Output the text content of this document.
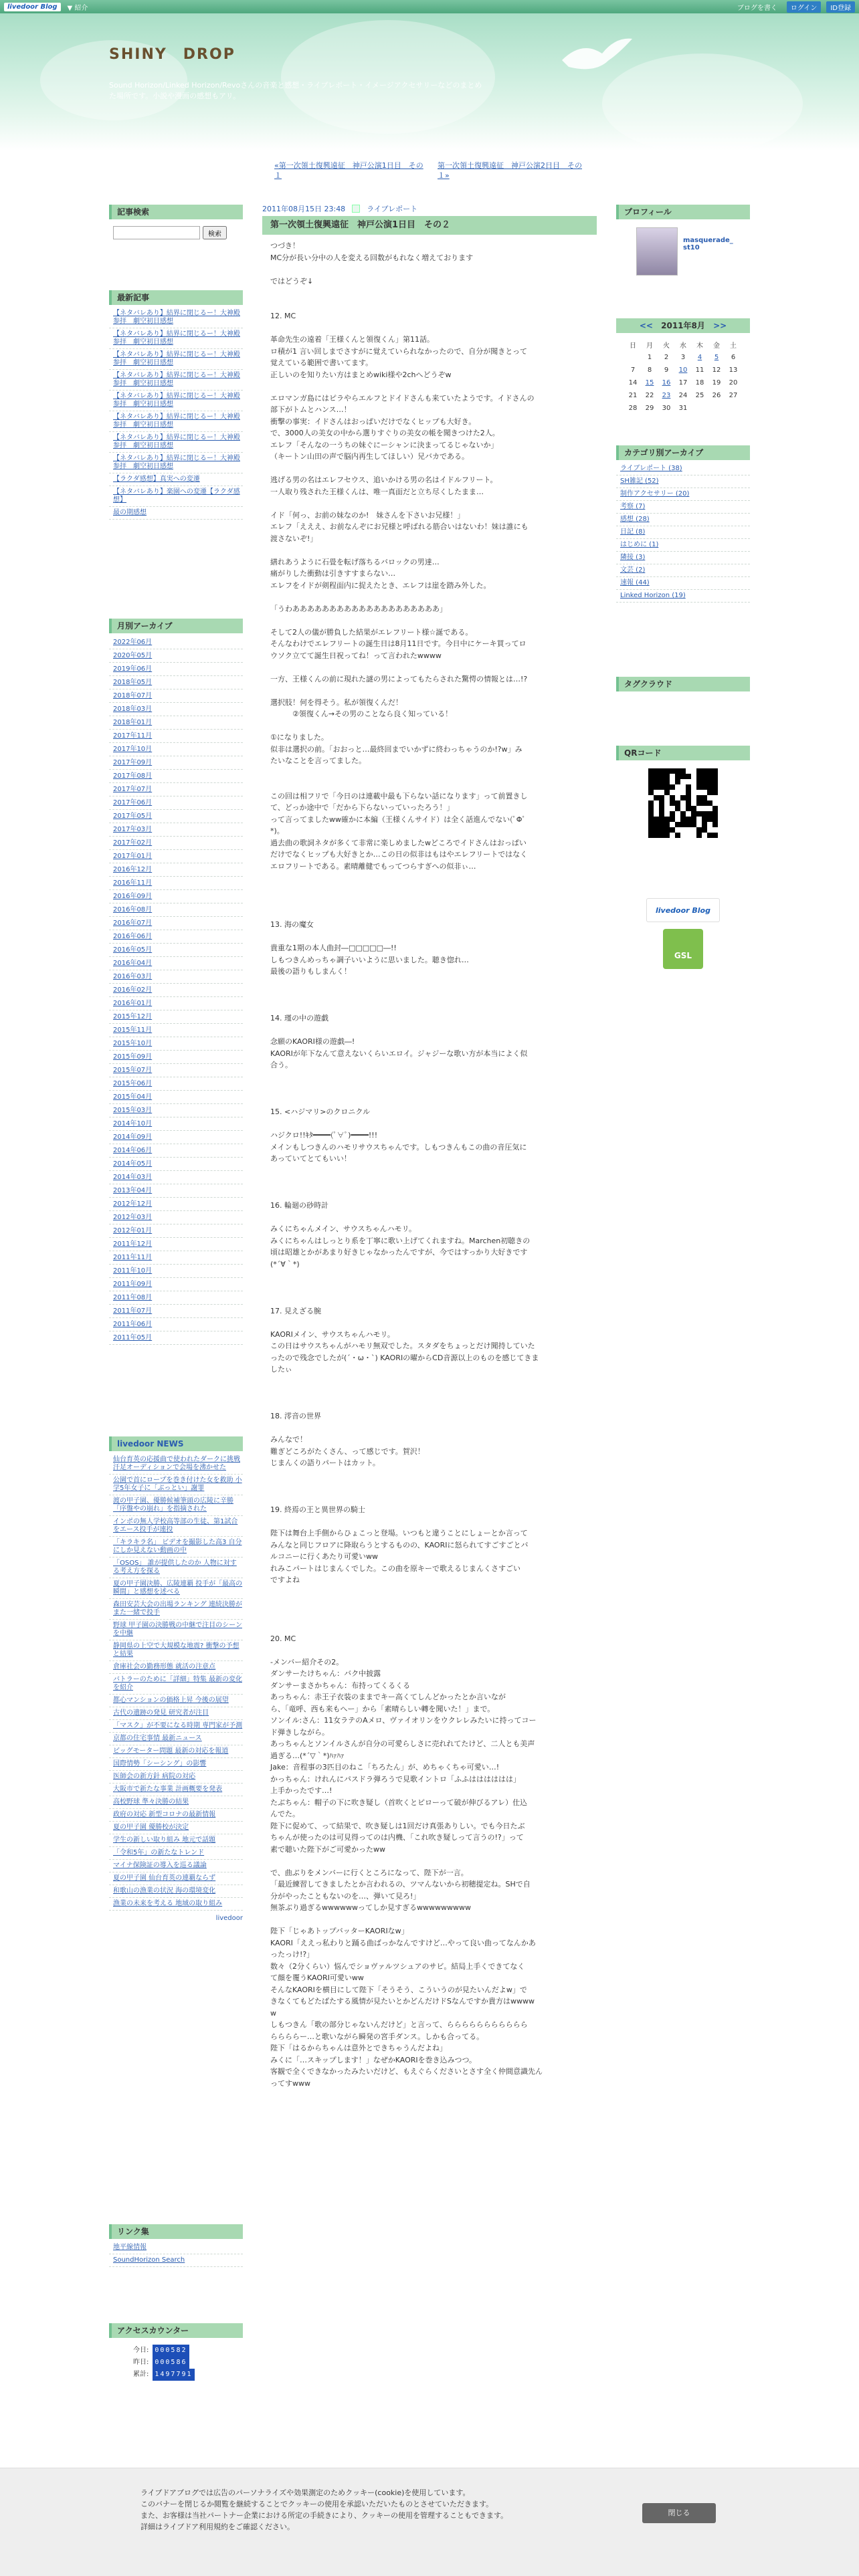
livedoor Blog	▼ 紹介	ブログを書く	ログイン	ID登録
SHINY　DROP
Sound Horizon/Linked Horizon/Revoさんの音楽と感想・ライブレポート・イメージアクセサリーなどのまとめた場所です。小説や漫画の感想もアリ。
«第一次領土復興遠征　神戸公演1日目　その１
第一次領土復興遠征　神戸公演2日目　その１»
記事検索
検索
最新記事
【ネタバレあり】結界に閉じるー！大神殿参拝　劇空初日感想
【ネタバレあり】結界に閉じるー！大神殿参拝　劇空初日感想
【ネタバレあり】結界に閉じるー！大神殿参拝　劇空初日感想
【ネタバレあり】結界に閉じるー！大神殿参拝　劇空初日感想
【ネタバレあり】結界に閉じるー！大神殿参拝　劇空初日感想
【ネタバレあり】結界に閉じるー！大神殿参拝　劇空初日感想
【ネタバレあり】結界に閉じるー！大神殿参拝　劇空初日感想
【ネタバレあり】結界に閉じるー！大神殿参拝　劇空初日感想
【ラクダ感想】真実への変遷
【ネタバレあり】楽園への変遷【ラクダ感想】
最の期感想
月別アーカイブ
2022年06月
2020年05月
2019年06月
2018年05月
2018年07月
2018年03月
2018年01月
2017年11月
2017年10月
2017年09月
2017年08月
2017年07月
2017年06月
2017年05月
2017年03月
2017年02月
2017年01月
2016年12月
2016年11月
2016年09月
2016年08月
2016年07月
2016年06月
2016年05月
2016年04月
2016年03月
2016年02月
2016年01月
2015年12月
2015年11月
2015年10月
2015年09月
2015年07月
2015年06月
2015年04月
2015年03月
2014年10月
2014年09月
2014年06月
2014年05月
2014年03月
2013年04月
2012年12月
2012年03月
2012年01月
2011年12月
2011年11月
2011年10月
2011年09月
2011年08月
2011年07月
2011年06月
2011年05月
livedoor NEWS
仙台育英の応援曲で使われたダークに挑戦 汗足オーディションで会場を沸かせた
公園で首にロープを巻き付けた女を救助 小学5年女子に「ぶっとい」謝罪
渡の甲子園、優勝候補筆頭の広陵に辛勝 「序盤やの崩れ」を指摘された
インポの無人学校高等部の生徒、第1試合をエース投手が連投
「キラキラ名」 ビデオを撮影した高3 自分にしか見えない動画の中
「OSOS」 誰が提供したのか 人物に対する考え方を探る
夏の甲子園決勝、広陵連覇 投手が「最高の瞬間」と感想を述べる
森田安芸大会の出場ランキング 連続決勝がまた一緒で投手
野球 甲子園の決勝戦の中継で注目のシーンを中継
静岡県の上空で大規模な地震? 衝撃の予想と結果
倉庫社会の勤務形態 就活の注意点
バトラーのために「詳細」特集 最新の変化を紹介
都心マンションの価格上昇 今後の展望
古代の遺跡の発見 研究者が注目
「マスク」が不要になる時期 専門家が予測
京都の住宅事情 最新ニュース
ビッグモーター問題 最新の対応を報道
国際情勢「シーシング」の影響
医師会の新方針 病院の対応
大阪市で新たな事業 計画概要を発表
高校野球 準々決勝の結果
政府の対応 新型コロナの最新情報
夏の甲子園 優勝校が決定
学生の新しい取り組み 地元で話題
「令和5年」の新たなトレンド
マイナ保険証の導入を巡る議論
夏の甲子園 仙台育英の連覇ならず
和歌山の漁業の状況 海の環境変化
漁業の未来を考える 地域の取り組み
livedoor
リンク集
地平線情報
SoundHorizon Search
アクセスカウンター
今日: 000582
昨日: 000586
累計: 1497791
2011年08月15日 23:48	ライブレポート
第一次領土復興遠征　神戸公演1日目　その２

つづき！

MC分が長い分中の人を変える回数がもれなく増えております

ではどうぞ↓

12. MC

革命先生の遠着「王様くんと領復くん」第11話。

ロ積が1 言い回しまでさすがに覚えていられなかったので、自分が聞きとって

覚えている範囲で書いてます。

正しいのを知りたい方はまとめwiki様や2chへどうぞw

エロマンガ島にはピラやらエルフとドイドさんも来ていたようです。イドさんの

部下がトムとハンス…！

衝撃の事実：イドさんはおっぱいだけでなくヒップも大好き。

で、3000人の美女の中から選りすぐりの美女の帳を聞きつけた2人。

エレフ「そんなの一うちの妹ぐにーシャンに決まってるじゃないか」

（キートン山田の声で脳内再生してほしい）兄バカである。

逃げる男の名はエレフセウス、追いかける男の名はイドルフリート。

一人取り残された王様くんは、唯一真面だと立ち尽くしたまま…

イド「何っ、お前の妹なのか!　妹さんを下さいお兄様！」

エレフ「えええ、お前なんぞにお兄様と呼ばれる筋合いはないわ！妹は誰にも

渡さないぞ!」

繕れあうように石畳を転げ落ちるバロックの男達…

痛がりした衝動は引きすすまらない…

エレフをイドが剣程面内に捉えたとき、エレフは崖を踏み外した。

「うわああああああああああああああああああああ」

そして2人の儀が勝負した結果がエレフリート様☆誕である。

そんなわけでエレフリートの誕生日は8月11日です。今日中にケーキ買ってロ

ウソク立てて誕生日祝ってね！って言われたwwww

一方、王様くんの前に現れた謎の男によってもたらされた驚愕の情報とは…!?

選択肢！何を得そう。私が領復くんだ！

　　　②領復くん→その男のことなら良く知っている！

①になりました。

似非は選択の前。「おおっと…最終回までいかずに終わっちゃうのか!?w」み

たいなことを言ってました。

この回は相フリで「今日のは連載中最も下らない話になります」って前置きし

て、どっか途中で「だから下らないっていったろう！」

って言ってましたww確かに本編（王様くんサイド）は全く話進んでない(ﾟΦﾟ

*)。

過去曲の歌詞ネタが多くて非常に楽しめましたwどころでイドさんはおっぱい

だけでなくヒップも大好きとか…この日の似非はもはやエレフリートではなく

エロフリートである。素晴離健でもってつらすぎへの似非ぃ…

13. 海の魔女

貴重な1期の本人曲封―□□□□□―!!

しもつきんめっちゃ調子いいように思いました。聴き惚れ…

最後の語りもしまんく！

14. 瑾の中の遊戯

念願のKAORI様の遊戯―!

KAORIが年下なんて意えないくらいエロイ。ジャジーな歌い方が本当によく似

合う。

15. <ハジマリ>のクロニクル

ハジクロ!!ｷﾀ━━━━(ﾟ∀ﾟ)━━━━!!!

メインもしつきんのハモリサウスちゃんです。しもつきんもこの曲の音圧気に

あっていてとてもいい！

16. 輪廻の砂時計

みくにちゃんメイン、サウスちゃんハモリ。

みくにちゃんはしっとり系を丁寧に歌い上げてくれますね。Marchen初聴きの

頃は昭雄とかがあまり好きじゃなかったんですが、今ではすっかり大好きです

(*´∀｀*)

17. 見えざる腕

KAORIメイン、サウスちゃんハモリ。

この日はサウスちゃんがハモリ無双でした。スタダをちょっとだけ聞持していた

ったので残念でしたが(´・ω・`) KAORIの曜からCD音源以上のものを感じてきま

したぃ

18. 澪音の世界

みんなで！

難ぎどころがたくさん、って感じです。賀沢！

じまんくの語りパートはカット。

19. 終焉の王と異世界の騎士

陛下は舞台上手側からひょこっと登場。いつもと違うことにしょーとか言って

みんなと同じフロアに降取らうとするものの、KAORIに怒られてすごすごとバ

ルコニーに行くあたり可愛いww

れみこパートはじまんくでした。この曲を原キーで歌えるじまんくさすごい

ですよね

20. MC

-メンバー紹介その2。

ダンサーたけちゃん：バク中披露

ダンサーまさかちゃん：布持ってくるくる

あっちゃん：赤王子衣装のままでキー高くてしんどかったとか言いなが

ら、「竜呼、西も来もへー」から「素晴らしい轉を聞いた！」まで。

ソンイル:さん：11女ラテのAメロ、ヴァイオリンをウクレレみたいに持ってコー

ド弾きしながら。

あっちゃんとソンイルさんが自分の可愛らしさに売れれてたけど、二人とも美声

過ぎる…(*´▽｀*)ﾊｧﾊｧ

Jake：音程事の3匹目のねこ「ちろたん」が、めちゃくちゃ可愛い…!

かっちゃん：けれんにパスドラ弾ろうで見歌イントロ「ふふはははははは」

上手かったです…!

たぶちゃん：帽子の下に吹き疑し（首吹くとピローって破が伸びるアレ）仕込

んでた。

陛下に促めて、って結果で、吹き疑しは1回だけ真張ありしい。でも今日たぶ

ちゃんが使ったのは可見得ってのは内機、「これ吹き疑しって言うの!?」って

素で聴いた陛下がご可愛かったww

で、曲ぶりをメンバーに行くところになって、陛下が一言。

「最近練習してきましたとか言われるの、ツマんないから初穂提定ね。SHで自

分がやったこともないのを…、弾いて見ろ!」

無茶ぶり過ぎるwwwwwwってしか見すぎるwwwwwwwww

陛下「じゃあトップバッターKAORIなw」

KAORI「ええっ私わりと踊る曲ばっかなんですけど…やって良い曲ってなんかあ

ったっけ!?」

数々（2分くらい）悩んでショヴァルツシュアのサビ。結局上手くできてなく

て顔を覆うKAORI可愛いww

そんなKAORIを横目にして陛下「そうそう、こういうのが見たいんだよw」で

きなくてもどたばたする風情が見たいとかどんだけドSなんですか貴方はwwww

w

しもつきん「歌の部分じゃないんだけど」と言って、ららららららららららら

ららららー…と歌いながら瞬発の宮手ダンス。しかも合ってる。

陛下「はるからちゃんは意外とできちゃうんだよね」

みくに「…スキップします！」なぜかKAORIを巻き込みつつ。

客観で全くできなかったみたいだけど、もえぐらくださいとさす全く仲間意識先ん

ってすwww

プロフィール
masquerade_st10
<< 2011年8月 >>
日	月	火	水	木	金	土
	1	2	3	4	5	6
7	8	9	10	11	12	13
14	15	16	17	18	19	20
21	22	23	24	25	26	27
28	29	30	31			
カテゴリ別アーカイブ
ライブレポート (38)
SH雑記 (52)
制作アクセサリー (20)
考察 (7)
感想 (28)
日記 (8)
はじめに (1)
隣接 (3)
文芸 (2)
速報 (44)
Linked Horizon (19)
タグクラウド
QRコード
livedoor Blog
GSL
ライブドアブログでは広告のパーソナライズや効果測定のためクッキー(cookie)を使用しています。
このバナーを閉じるか閲覧を継続することでクッキーの使用を承認いただいたものとさせていただきます。
また、お客様は当社パートナー企業における所定の手続きにより、クッキーの使用を管理することもできます。
詳細はライブドア利用規約をご確認ください。
閉じる
